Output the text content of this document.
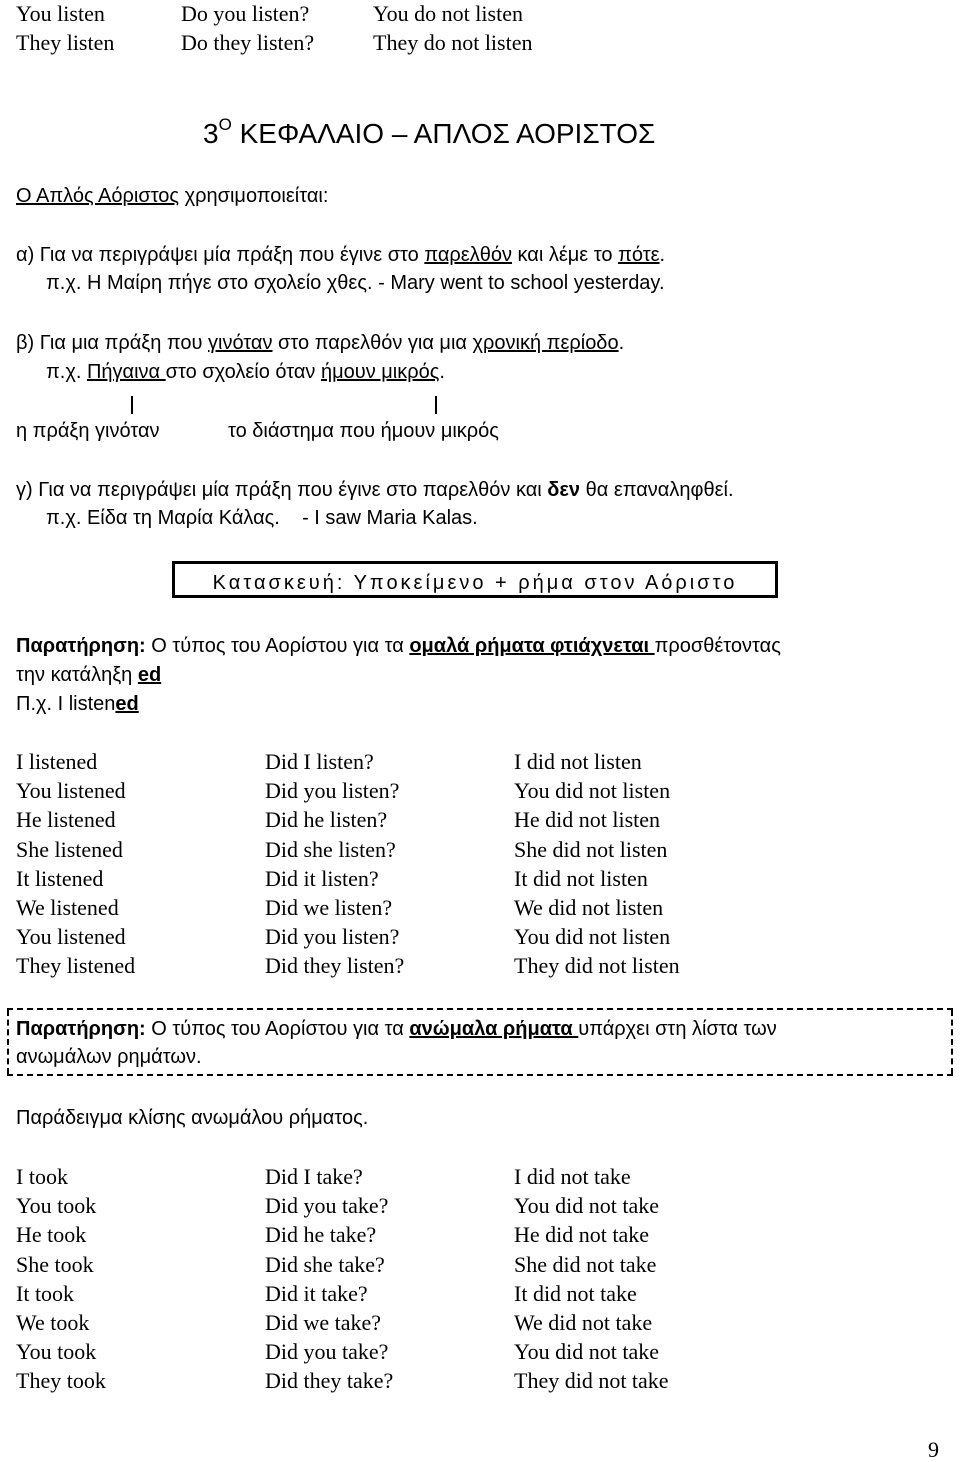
You listen	Do you listen?	You do not listen
They listen	Do they listen?	They do not listen
$3^O$ ΚΕΦΑΛΑΙΟ – ΑΠΛΟΣ ΑΟΡΙΣΤΟΣ
Ο Απλός Αόριστος χρησιμοποιείται:
α) Για να περιγράψει μία πράξη που έγινε στο παρελθόν και λέμε το πότε.
π.χ. Η Μαίρη πήγε στο σχολείο χθες. - Mary went to school yesterday.
β) Για μια πράξη που γινόταν στο παρελθόν για μια χρονική περίοδο.
π.χ. Πήγαινα στο σχολείο όταν ήμουν μικρός.
η πράξη γινόταν	το διάστημα που ήμουν μικρός
γ) Για να περιγράψει μία πράξη που έγινε στο παρελθόν και δεν θα επαναληφθεί.
π.χ. Είδα τη Μαρία Κάλας.    - I saw Maria Kalas.
Κατασκευή: Υποκείμενο + ρήμα στον Αόριστο
Παρατήρηση: Ο τύπος του Αορίστου για τα ομαλά ρήματα φτιάχνεται προσθέτοντας
την κατάληξη ed
Π.χ. I listened
I listened	Did I listen?	I did not listen
You listened	Did you listen?	You did not listen
He listened	Did he listen?	He did not listen
She listened	Did she listen?	She did not listen
It listened	Did it listen?	It did not listen
We listened	Did we listen?	We did not listen
You listened	Did you listen?	You did not listen
They listened	Did they listen?	They did not listen
Παρατήρηση: Ο τύπος του Αορίστου για τα ανώμαλα ρήματα υπάρχει στη λίστα των
ανωμάλων ρημάτων.
Παράδειγμα κλίσης ανωμάλου ρήματος.
I took	Did I take?	I did not take
You took	Did you take?	You did not take
He took	Did he take?	He did not take
She took	Did she take?	She did not take
It took	Did it take?	It did not take
We took	Did we take?	We did not take
You took	Did you take?	You did not take
They took	Did they take?	They did not take
9
